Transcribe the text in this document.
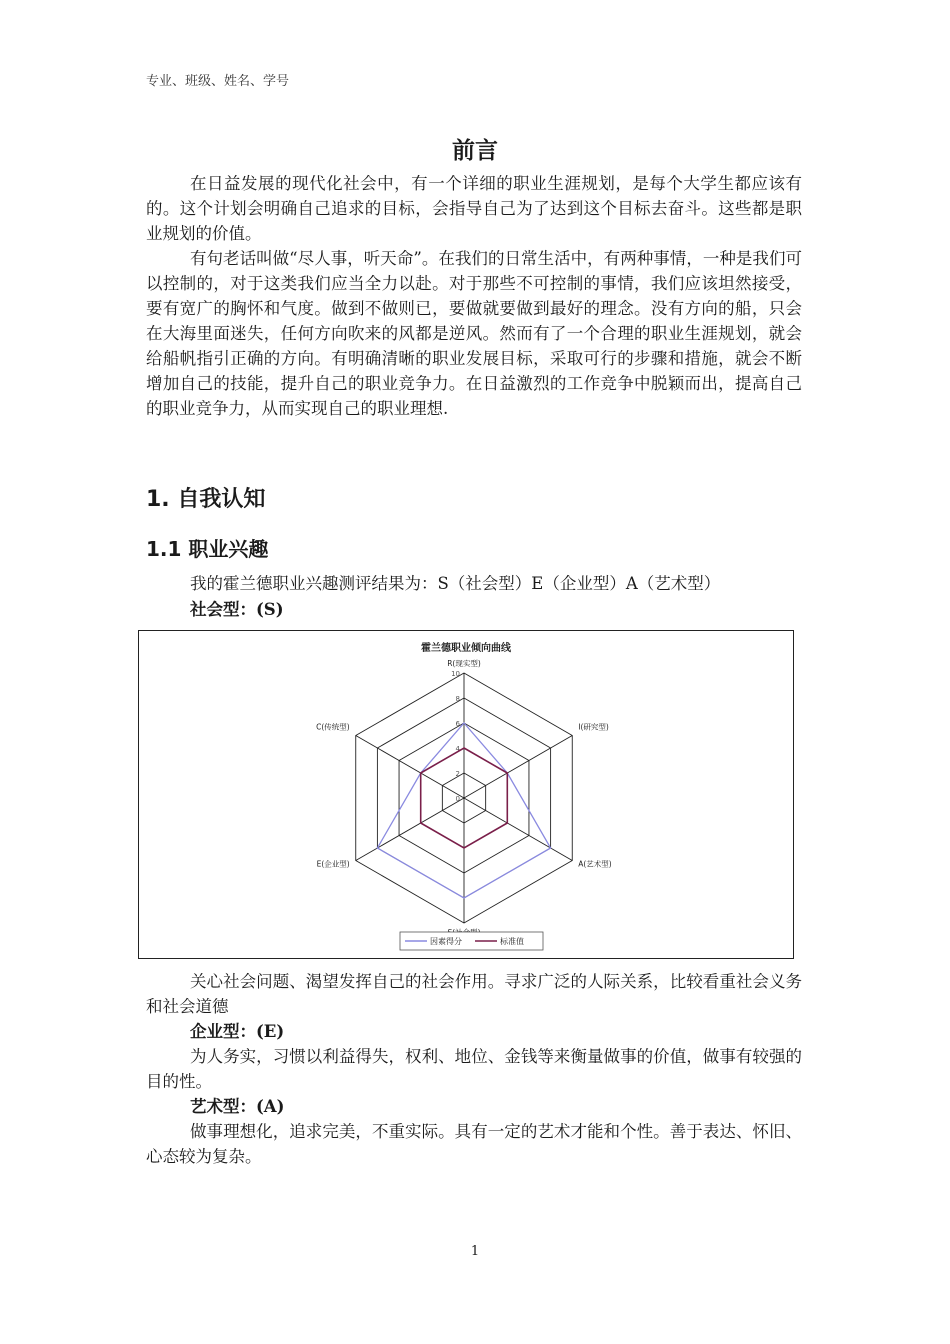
专业、班级、姓名、学号
前言

在日益发展的现代化社会中，有一个详细的职业生涯规划，是每个大学生都应该有的。这个计划会明确自己追求的目标，会指导自己为了达到这个目标去奋斗。这些都是职业规划的价值。

有句老话叫做“尽人事，听天命”。在我们的日常生活中，有两种事情，一种是我们可以控制的，对于这类我们应当全力以赴。对于那些不可控制的事情，我们应该坦然接受，要有宽广的胸怀和气度。做到不做则已，要做就要做到最好的理念。没有方向的船，只会在大海里面迷失，任何方向吹来的风都是逆风。然而有了一个合理的职业生涯规划，就会给船帆指引正确的方向。有明确清晰的职业发展目标，采取可行的步骤和措施，就会不断增加自己的技能，提升自己的职业竞争力。在日益激烈的工作竞争中脱颖而出，提高自己的职业竞争力，从而实现自己的职业理想.

1. 自我认知
1.1 职业兴趣
我的霍兰德职业兴趣测评结果为：S（社会型）E（企业型）A（艺术型）
社会型：(S)
霍兰德职业倾向曲线
0
2
4
6
8
10
R(现实型)
I(研究型)
A(艺术型)
E(企业型)
C(传统型)
因素得分	标准值

关心社会问题、渴望发挥自己的社会作用。寻求广泛的人际关系，比较看重社会义务和社会道德

企业型：(E)

为人务实，习惯以利益得失，权利、地位、金钱等来衡量做事的价值，做事有较强的目的性。

艺术型：(A)

做事理想化，追求完美，不重实际。具有一定的艺术才能和个性。善于表达、怀旧、心态较为复杂。

1
